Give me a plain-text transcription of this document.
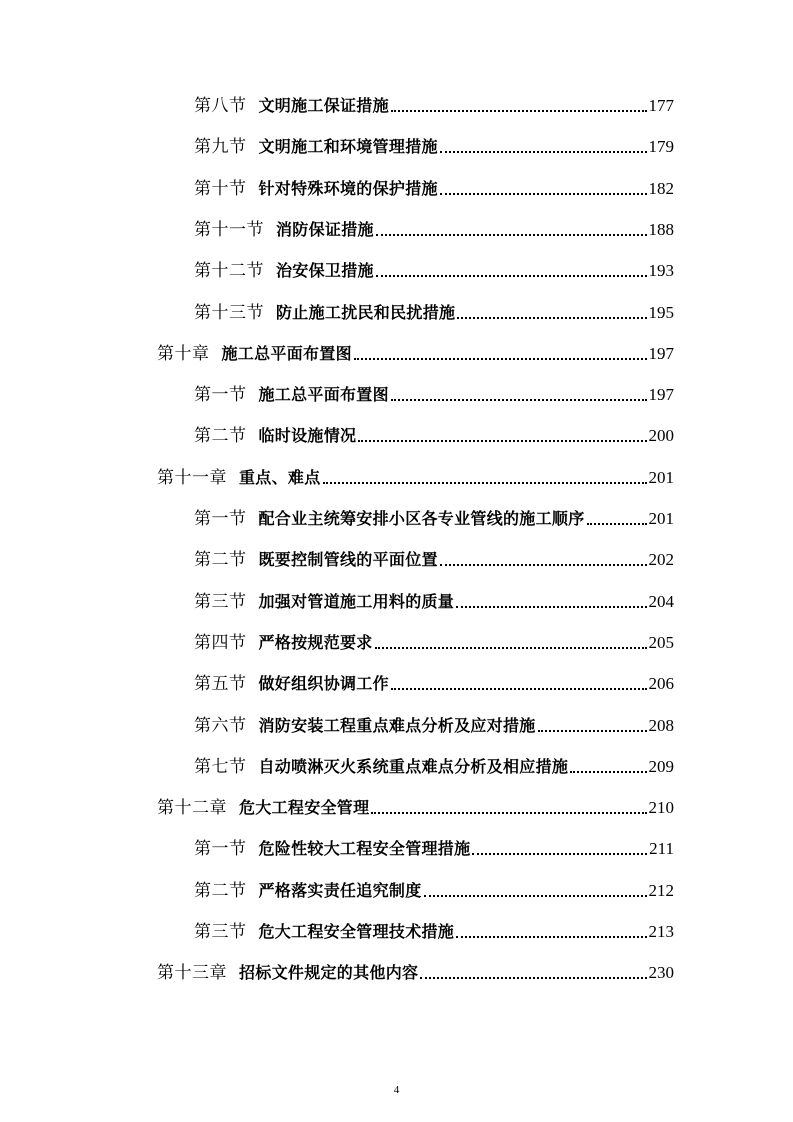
第八节 文明施工保证措施	177
第九节 文明施工和环境管理措施	179
第十节 针对特殊环境的保护措施	182
第十一节 消防保证措施	188
第十二节 治安保卫措施	193
第十三节 防止施工扰民和民扰措施	195
第十章 施工总平面布置图	197
第一节 施工总平面布置图	197
第二节 临时设施情况	200
第十一章 重点、难点	201
第一节 配合业主统筹安排小区各专业管线的施工顺序	201
第二节 既要控制管线的平面位置	202
第三节 加强对管道施工用料的质量	204
第四节 严格按规范要求	205
第五节 做好组织协调工作	206
第六节 消防安装工程重点难点分析及应对措施	208
第七节 自动喷淋灭火系统重点难点分析及相应措施	209
第十二章 危大工程安全管理	210
第一节 危险性较大工程安全管理措施	211
第二节 严格落实责任追究制度	212
第三节 危大工程安全管理技术措施	213
第十三章 招标文件规定的其他内容	230
4
